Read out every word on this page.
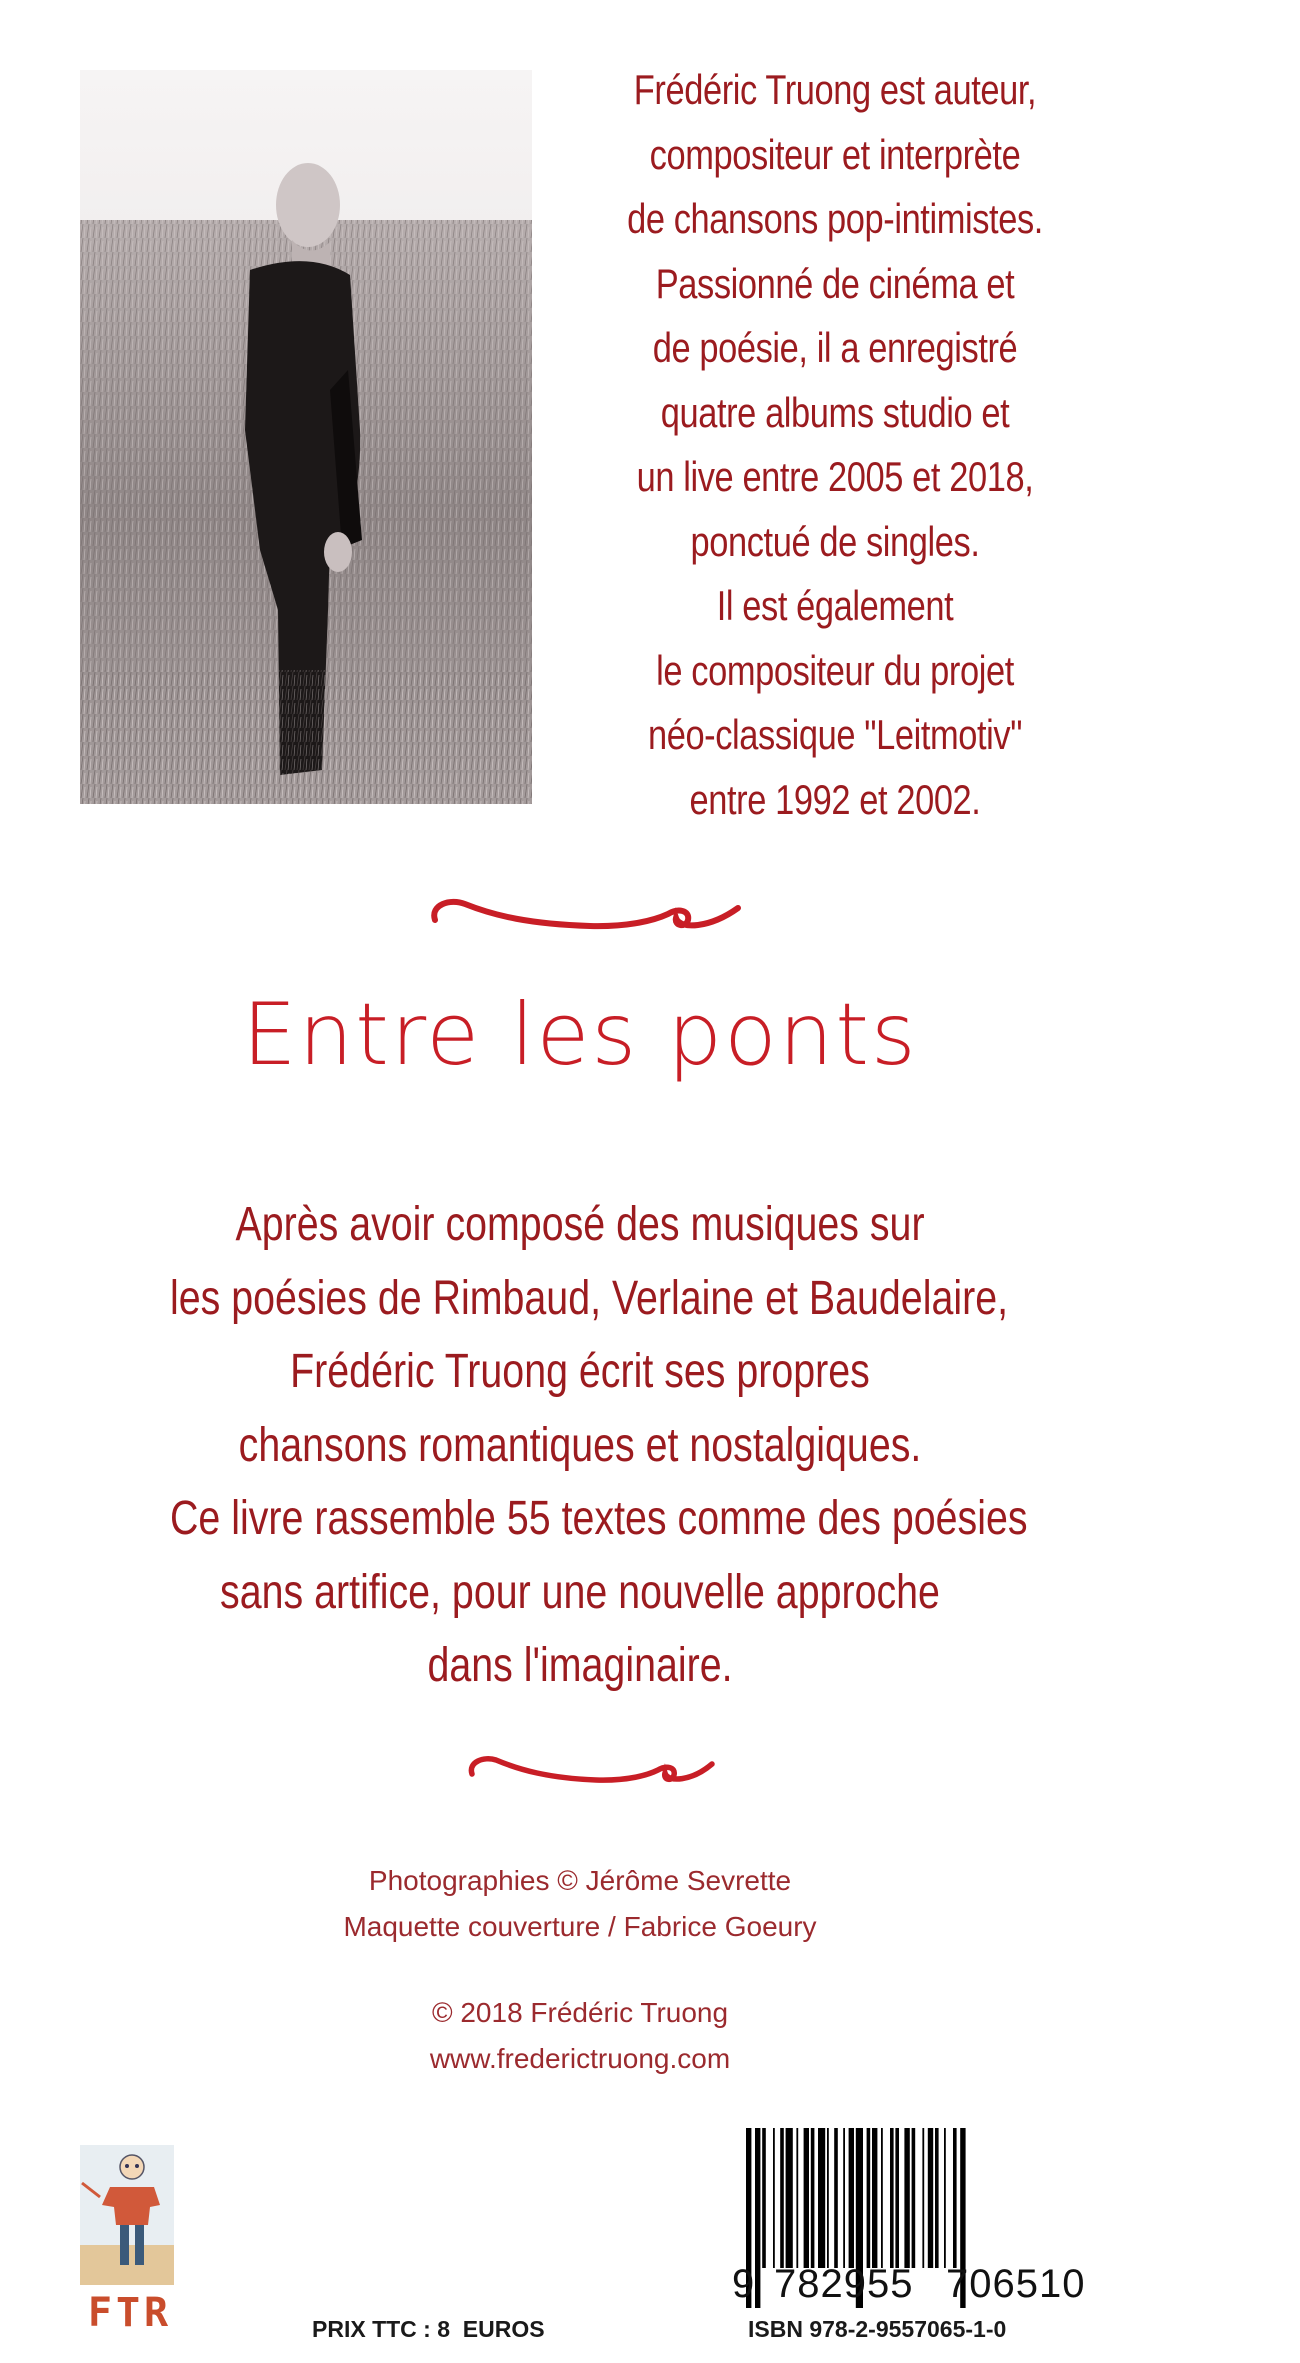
Frédéric Truong est auteur,
compositeur et interprète
de chansons pop-intimistes.
Passionné de cinéma et
de poésie, il a enregistré
quatre albums studio et
un live entre 2005 et 2018,
ponctué de singles.
Il est également
le compositeur du projet
néo-classique "Leitmotiv"
entre 1992 et 2002.
Entre les ponts
Après avoir composé des musiques sur
les poésies de Rimbaud, Verlaine et Baudelaire,
Frédéric Truong écrit ses propres
chansons romantiques et nostalgiques.
Ce livre rassemble 55 textes comme des poésies
sans artifice, pour une nouvelle approche
dans l'imaginaire.
Photographies © Jérôme Sevrette
Maquette couverture / Fabrice Goeury
© 2018 Frédéric Truong
www.frederictruong.com
FTR	PRIX TTC : 8  EUROS
9 782955 706510
ISBN 978-2-9557065-1-0
